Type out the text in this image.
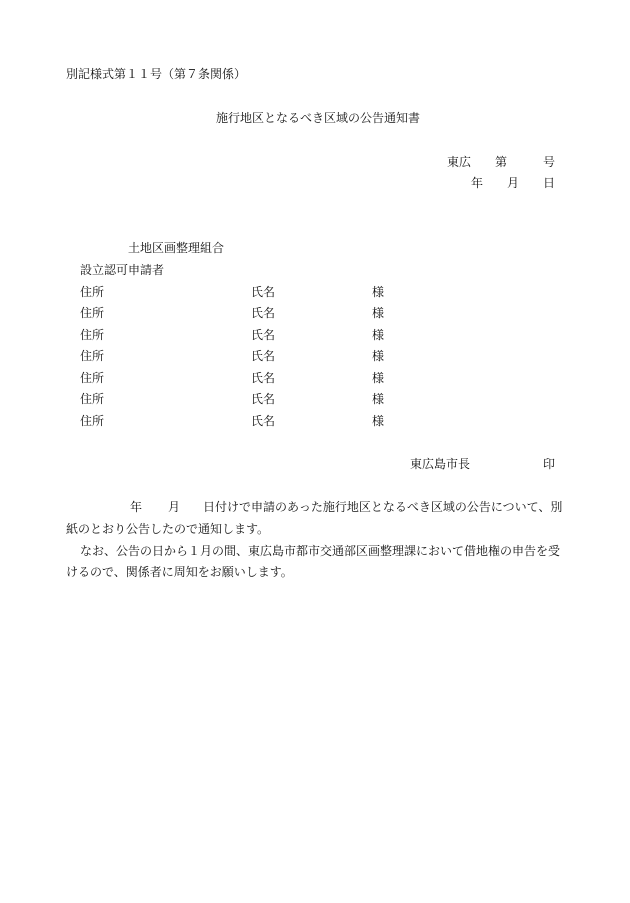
別記様式第１１号（第７条関係）
施行地区となるべき区域の公告通知書
東広 第	号
年 月 日
土地区画整理組合
設立認可申請者
住所	氏名	様
住所	氏名	様
住所	氏名	様
住所	氏名	様
住所	氏名	様
住所	氏名	様
住所	氏名	様
東広島市長	印
年 月 日付けで申請のあった施行地区となるべき区域の公告について、別
紙のとおり公告したので通知します。
なお、公告の日から１月の間、東広島市都市交通部区画整理課において借地権の申告を受
けるので、関係者に周知をお願いします。
